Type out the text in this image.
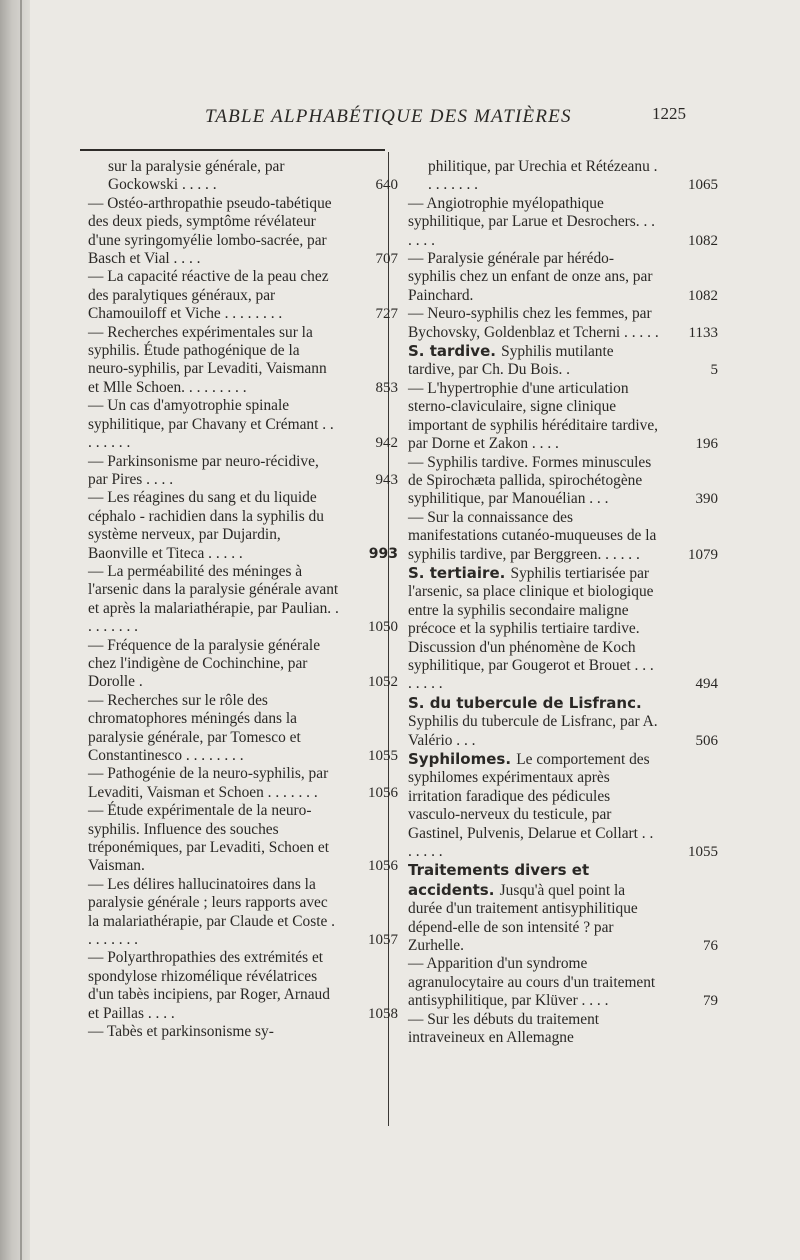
TABLE ALPHABÉTIQUE DES MATIÈRES	1225
sur la paralysie générale, par Gockowski . . . . .	640
— Ostéo-arthropathie pseudo-tabétique des deux pieds, symptôme révélateur d'une syringomyélie lombo-sacrée, par Basch et Vial . . . .	707
— La capacité réactive de la peau chez des paralytiques généraux, par Chamouiloff et Viche . . . . . . . .	727
— Recherches expérimentales sur la syphilis. Étude pathogénique de la neuro-syphilis, par Levaditi, Vaismann et Mlle Schoen. . . . . . . . .	853
— Un cas d'amyotrophie spinale syphilitique, par Chavany et Crémant . . . . . . . .	942
— Parkinsonisme par neuro-récidive, par Pires . . . .	943
— Les réagines du sang et du liquide céphalo - rachidien dans la syphilis du système nerveux, par Dujardin, Baonville et Titeca . . . . .	993
— La perméabilité des méninges à l'arsenic dans la paralysie générale avant et après la malariathérapie, par Paulian. . . . . . . . .	1050
— Fréquence de la paralysie générale chez l'indigène de Cochinchine, par Dorolle .	1052
— Recherches sur le rôle des chromatophores méningés dans la paralysie générale, par Tomesco et Constantinesco . . . . . . . .	1055
— Pathogénie de la neuro-syphilis, par Levaditi, Vaisman et Schoen . . . . . . .	1056
— Étude expérimentale de la neuro-syphilis. Influence des souches tréponémiques, par Levaditi, Schoen et Vaisman.	1056
— Les délires hallucinatoires dans la paralysie générale ; leurs rapports avec la malariathérapie, par Claude et Coste . . . . . . . .	1057
— Polyarthropathies des extrémités et spondylose rhizomélique révélatrices d'un tabès incipiens, par Roger, Arnaud et Paillas . . . .	1058
— Tabès et parkinsonisme sy-
philitique, par Urechia et Rétézeanu . . . . . . . .	1065
— Angiotrophie myélopathique syphilitique, par Larue et Desrochers. . . . . . .	1082
— Paralysie générale par hérédo-syphilis chez un enfant de onze ans, par Painchard.	1082
— Neuro-syphilis chez les femmes, par Bychovsky, Goldenblaz et Tcherni . . . . . 1133
S. tardive. Syphilis mutilante tardive, par Ch. Du Bois. .	5
— L'hypertrophie d'une articulation sterno-claviculaire, signe clinique important de syphilis héréditaire tardive, par Dorne et Zakon . . . .	196
— Syphilis tardive. Formes minuscules de Spirochæta pallida, spirochétogène syphilitique, par Manouélian . . .	390
— Sur la connaissance des manifestations cutanéo-muqueuses de la syphilis tardive, par Berggreen. . . . . .	1079
S. tertiaire. Syphilis tertiarisée par l'arsenic, sa place clinique et biologique entre la syphilis secondaire maligne précoce et la syphilis tertiaire tardive. Discussion d'un phénomène de Koch syphilitique, par Gougerot et Brouet . . . . . . . .	494
S. du tubercule de Lisfranc. Syphilis du tubercule de Lisfranc, par A. Valério . . .	506
Syphilomes. Le comportement des syphilomes expérimentaux après irritation faradique des pédicules vasculo-nerveux du testicule, par Gastinel, Pulvenis, Delarue et Collart . . . . . . .	1055
Traitements divers et accidents. Jusqu'à quel point la durée d'un traitement antisyphilitique dépend-elle de son intensité ? par Zurhelle.	76
— Apparition d'un syndrome agranulocytaire au cours d'un traitement antisyphilitique, par Klüver . . . .	79
— Sur les débuts du traitement intraveineux en Allemagne
